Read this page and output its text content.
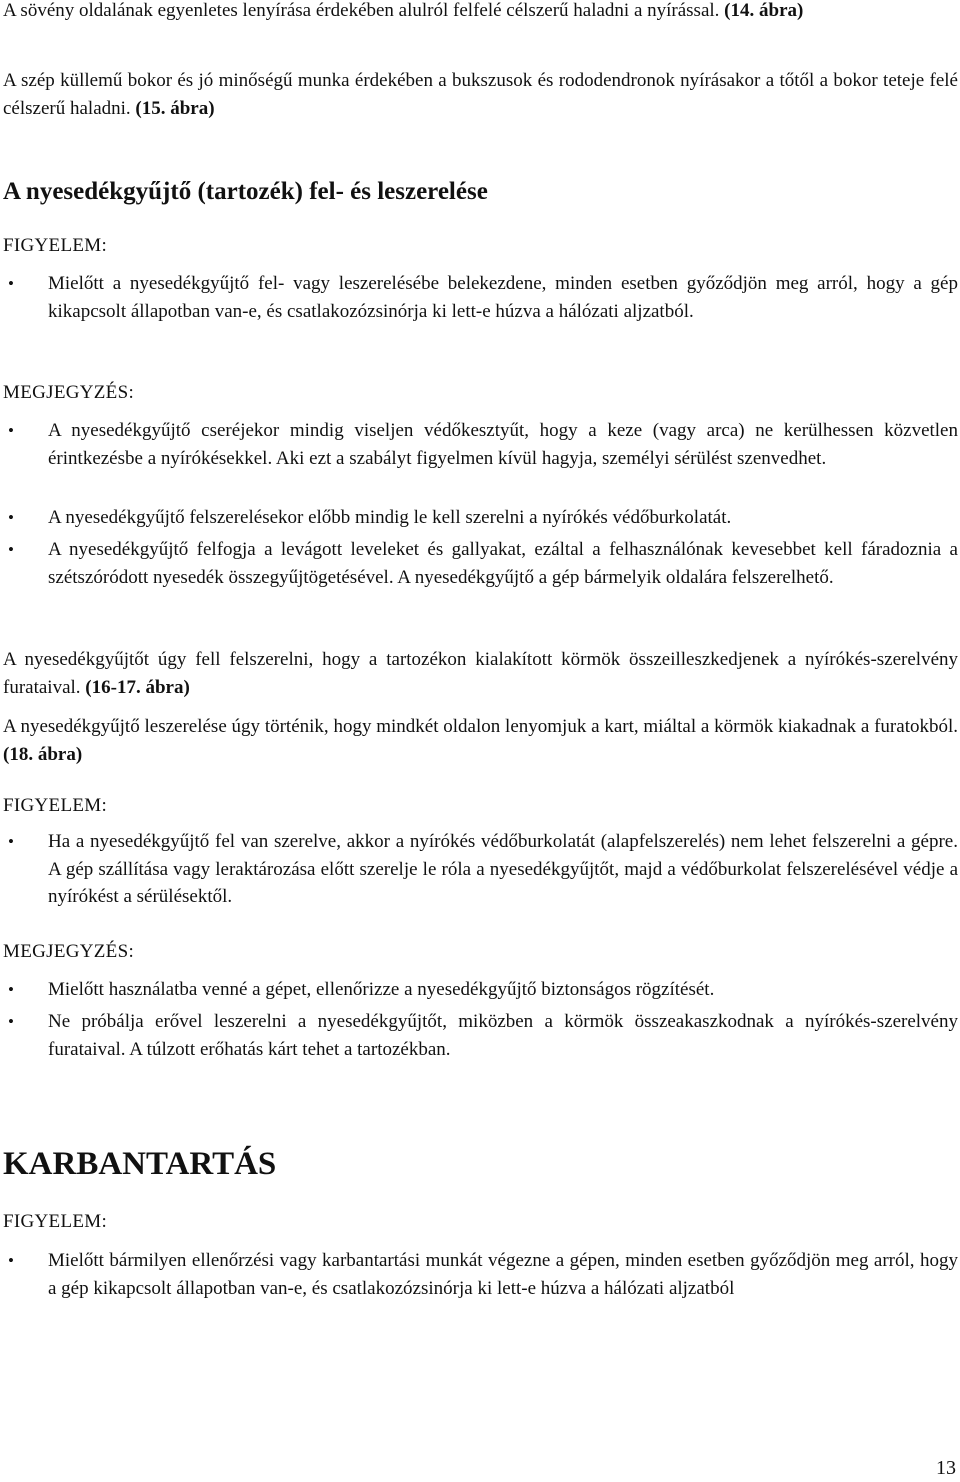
A sövény oldalának egyenletes lenyírása érdekében alulról felfelé célszerű haladni a nyírással. (14. ábra)

A szép küllemű bokor és jó minőségű munka érdekében a bukszusok és rododendronok nyírásakor a tőtől a bokor teteje felé célszerű haladni. (15. ábra)

A nyesedékgyűjtő (tartozék) fel- és leszerelése
FIGYELEM:
• Mielőtt a nyesedékgyűjtő fel- vagy leszerelésébe belekezdene, minden esetben győződjön meg arról, hogy a gép kikapcsolt állapotban van-e, és csatlakozózsinórja ki lett-e húzva a hálózati aljzatból.
MEGJEGYZÉS:
• A nyesedékgyűjtő cseréjekor mindig viseljen védőkesztyűt, hogy a keze (vagy arca) ne kerülhessen közvetlen érintkezésbe a nyírókésekkel. Aki ezt a szabályt figyelmen kívül hagyja, személyi sérülést szenvedhet.
• A nyesedékgyűjtő felszerelésekor előbb mindig le kell szerelni a nyírókés védőburkolatát.
• A nyesedékgyűjtő felfogja a levágott leveleket és gallyakat, ezáltal a felhasználónak kevesebbet kell fáradoznia a szétszóródott nyesedék összegyűjtögetésével. A nyesedékgyűjtő a gép bármelyik oldalára felszerelhető.

A nyesedékgyűjtőt úgy fell felszerelni, hogy a tartozékon kialakított körmök összeilleszkedjenek a nyírókés-szerelvény furataival. (16-17. ábra)

A nyesedékgyűjtő leszerelése úgy történik, hogy mindkét oldalon lenyomjuk a kart, miáltal a körmök kiakadnak a furatokból. (18. ábra)

FIGYELEM:
• Ha a nyesedékgyűjtő fel van szerelve, akkor a nyírókés védőburkolatát (alapfelszerelés) nem lehet felszerelni a gépre. A gép szállítása vagy leraktározása előtt szerelje le róla a nyesedékgyűjtőt, majd a védőburkolat felszerelésével védje a nyírókést a sérülésektől.
MEGJEGYZÉS:
• Mielőtt használatba venné a gépet, ellenőrizze a nyesedékgyűjtő biztonságos rögzítését.
• Ne próbálja erővel leszerelni a nyesedékgyűjtőt, miközben a körmök összeakaszkodnak a nyírókés-szerelvény furataival. A túlzott erőhatás kárt tehet a tartozékban.
KARBANTARTÁS
FIGYELEM:
• Mielőtt bármilyen ellenőrzési vagy karbantartási munkát végezne a gépen, minden esetben győződjön meg arról, hogy a gép kikapcsolt állapotban van-e, és csatlakozózsinórja ki lett-e húzva a hálózati aljzatból
13
